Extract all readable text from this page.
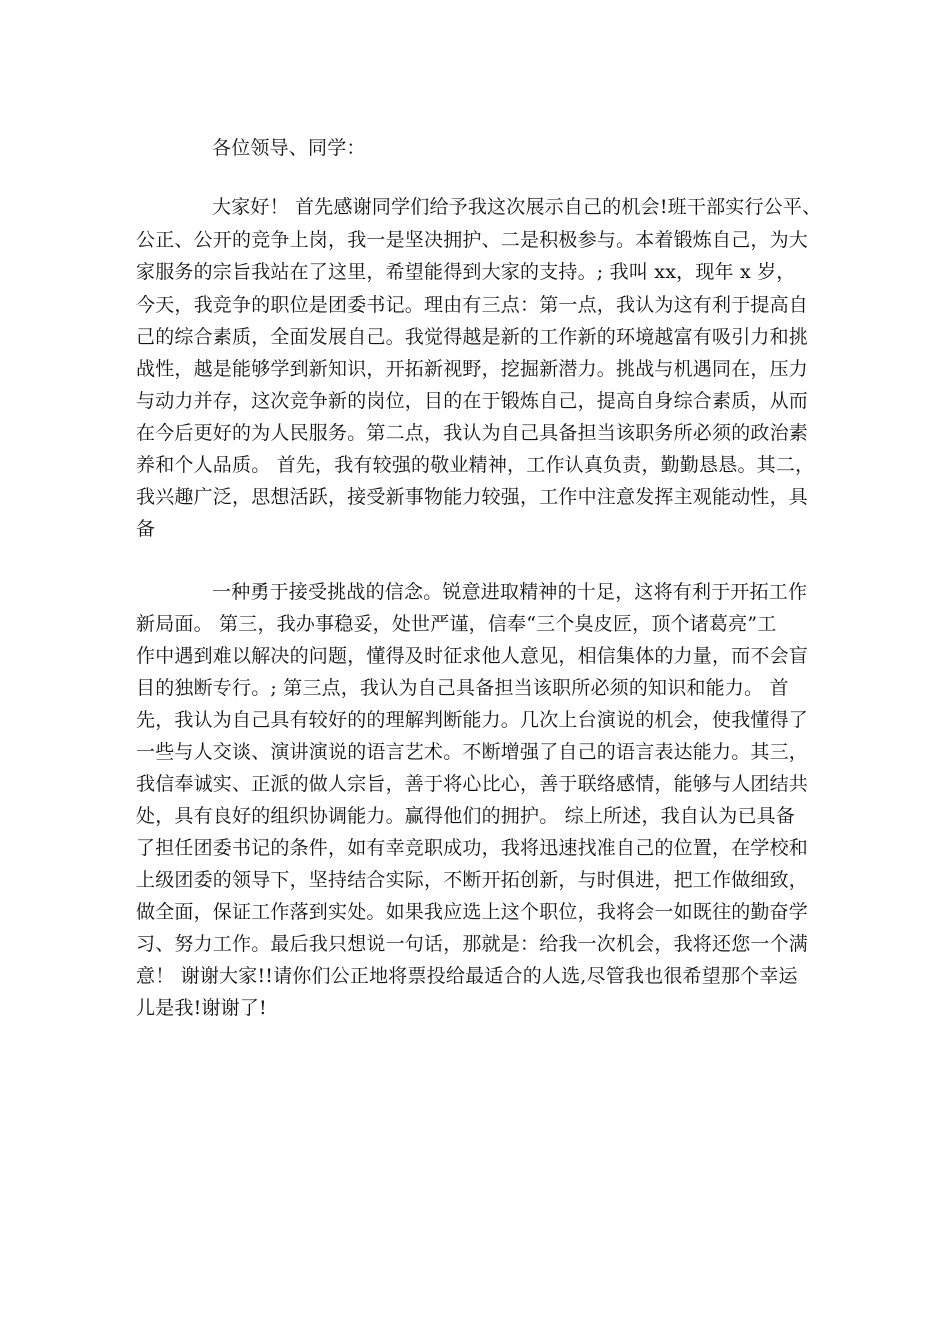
各位领导、同学：

大家好！ 首先感谢同学们给予我这次展示自己的机会!班干部实行公平、

公正、公开的竞争上岗，我一是坚决拥护、二是积极参与。本着锻炼自己，为大

家服务的宗旨我站在了这里，希望能得到大家的支持。; 我叫 xx，现年 x 岁，

今天，我竞争的职位是团委书记。理由有三点：第一点，我认为这有利于提高自

己的综合素质，全面发展自己。我觉得越是新的工作新的环境越富有吸引力和挑

战性，越是能够学到新知识，开拓新视野，挖掘新潜力。挑战与机遇同在，压力

与动力并存，这次竞争新的岗位，目的在于锻炼自己，提高自身综合素质，从而

在今后更好的为人民服务。第二点，我认为自己具备担当该职务所必须的政治素

养和个人品质。 首先，我有较强的敬业精神，工作认真负责，勤勤恳恳。其二，

我兴趣广泛，思想活跃，接受新事物能力较强，工作中注意发挥主观能动性，具

备

一种勇于接受挑战的信念。锐意进取精神的十足，这将有利于开拓工作

新局面。 第三，我办事稳妥，处世严谨，信奉“三个臭皮匠，顶个诸葛亮”工

作中遇到难以解决的问题，懂得及时征求他人意见，相信集体的力量，而不会盲

目的独断专行。; 第三点，我认为自己具备担当该职所必须的知识和能力。 首

先，我认为自己具有较好的的理解判断能力。几次上台演说的机会，使我懂得了

一些与人交谈、演讲演说的语言艺术。不断增强了自己的语言表达能力。其三，

我信奉诚实、正派的做人宗旨，善于将心比心，善于联络感情，能够与人团结共

处，具有良好的组织协调能力。赢得他们的拥护。 综上所述，我自认为已具备

了担任团委书记的条件，如有幸竞职成功，我将迅速找准自己的位置，在学校和

上级团委的领导下，坚持结合实际，不断开拓创新，与时俱进，把工作做细致，

做全面，保证工作落到实处。如果我应选上这个职位，我将会一如既往的勤奋学

习、努力工作。最后我只想说一句话，那就是：给我一次机会，我将还您一个满

意！ 谢谢大家!!请你们公正地将票投给最适合的人选,尽管我也很希望那个幸运

儿是我!谢谢了!
